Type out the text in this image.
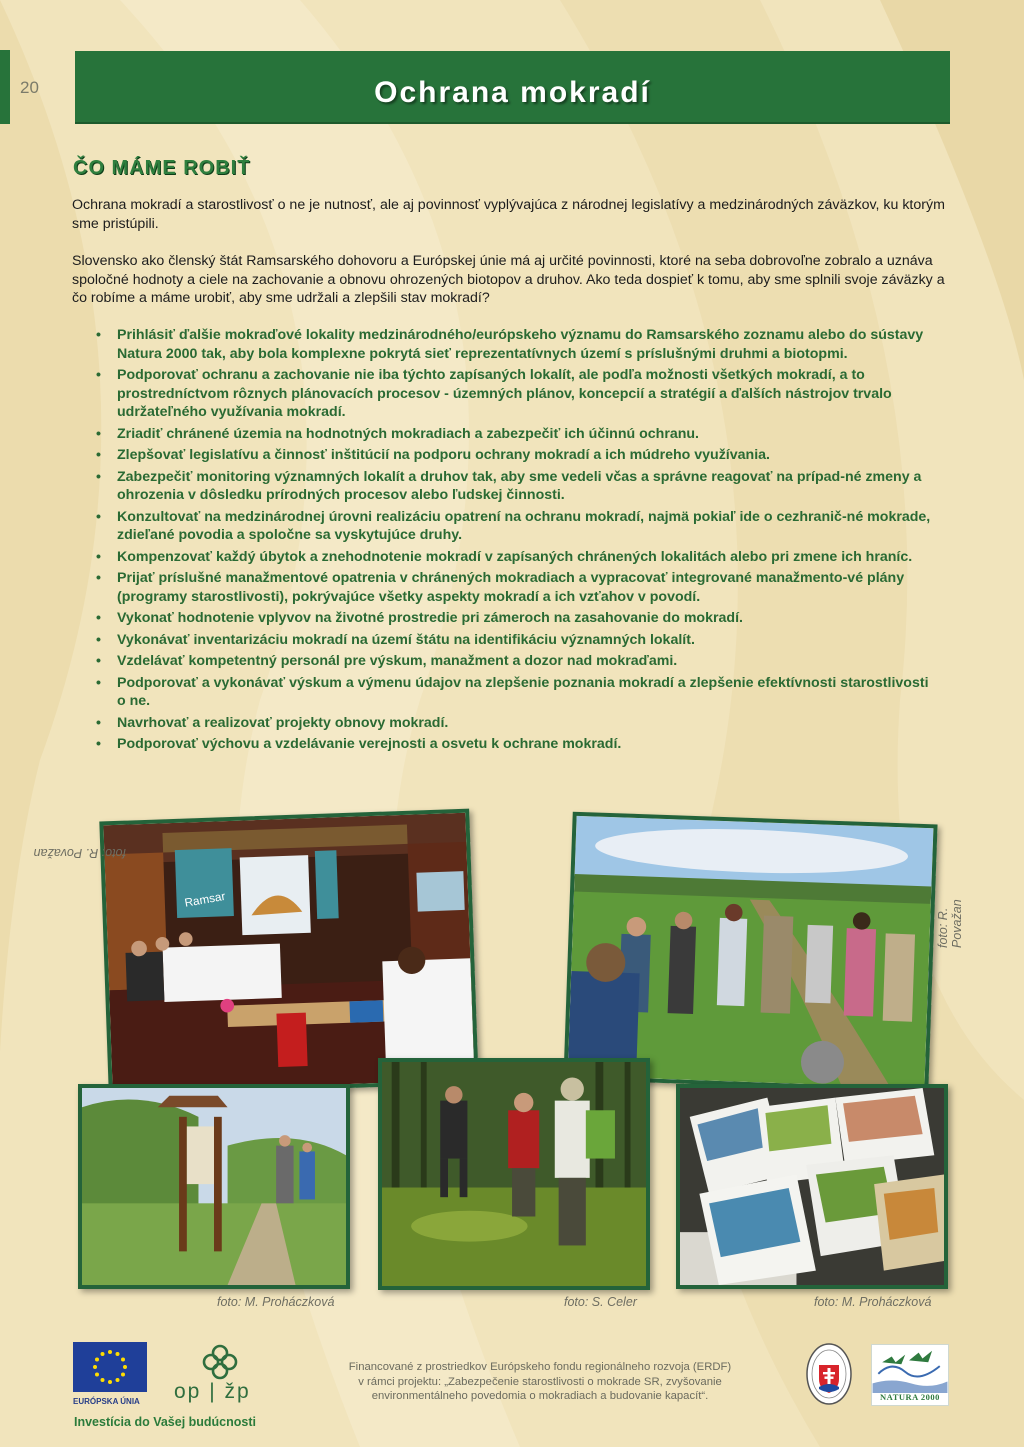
20	Ochrana mokradí
ČO MÁME ROBIŤ

Ochrana mokradí a starostlivosť o ne je nutnosť, ale aj povinnosť vyplývajúca z národnej legislatívy a medzinárodných záväzkov, ku ktorým sme pristúpili.

Slovensko ako členský štát Ramsarského dohovoru a Európskej únie má aj určité povinnosti, ktoré na seba dobrovoľne zobralo a uznáva spoločné hodnoty a ciele na zachovanie a obnovu ohrozených biotopov a druhov. Ako teda dospieť k tomu, aby sme splnili svoje záväzky a čo robíme a máme urobiť, aby sme udržali a zlepšili stav mokradí?

• Prihlásiť ďalšie mokraďové lokality medzinárodného/európskeho významu do Ramsarského zoznamu alebo do sústavy Natura 2000 tak, aby bola komplexne pokrytá sieť reprezentatívnych území s príslušnými druhmi a biotopmi.
• Podporovať ochranu a zachovanie nie iba týchto zapísaných lokalít, ale podľa možnosti všetkých mokradí, a to prostredníctvom rôznych plánovacích procesov - územných plánov, koncepcií a stratégií a ďalších nástrojov trvalo udržateľného využívania mokradí.
• Zriadiť chránené územia na hodnotných mokradiach a zabezpečiť ich účinnú ochranu.
• Zlepšovať legislatívu a činnosť inštitúcií na podporu ochrany mokradí a ich múdreho využívania.
• Zabezpečiť monitoring významných lokalít a druhov tak, aby sme vedeli včas a správne reagovať na prípad-né zmeny a ohrozenia v dôsledku prírodných procesov alebo ľudskej činnosti.
• Konzultovať na medzinárodnej úrovni realizáciu opatrení na ochranu mokradí, najmä pokiaľ ide o cezhranič-né mokrade, zdieľané povodia a spoločne sa vyskytujúce druhy.
• Kompenzovať každý úbytok a znehodnotenie mokradí v zapísaných chránených lokalitách alebo pri zmene ich hraníc.
• Prijať príslušné manažmentové opatrenia v chránených mokradiach a vypracovať integrované manažmento-vé plány (programy starostlivosti), pokrývajúce všetky aspekty mokradí a ich vzťahov v povodí.
• Vykonať hodnotenie vplyvov na životné prostredie pri zámeroch na zasahovanie do mokradí.
• Vykonávať inventarizáciu mokradí na území štátu na identifikáciu významných lokalít.
• Vzdelávať kompetentný personál pre výskum, manažment a dozor nad mokraďami.
• Podporovať a vykonávať výskum a výmenu údajov na zlepšenie poznania mokradí a zlepšenie efektívnosti starostlivosti o ne.
• Navrhovať a realizovať projekty obnovy mokradí.
• Podporovať výchovu a vzdelávanie verejnosti a osvetu k ochrane mokradí.
Ramsar
foto: R. Považan
foto: R. Považan
foto: M. Proháczková	foto: S. Celer	foto: M. Proháczková
EURÓPSKA ÚNIA
Investícia do Vašej budúcnosti
op | žp
Financované z prostriedkov Európskeho fondu regionálneho rozvoja (ERDF)
v rámci projektu: „Zabezpečenie starostlivosti o mokrade SR, zvyšovanie
environmentálneho povedomia o mokradiach a budovanie kapacít“.	NATURA 2000
